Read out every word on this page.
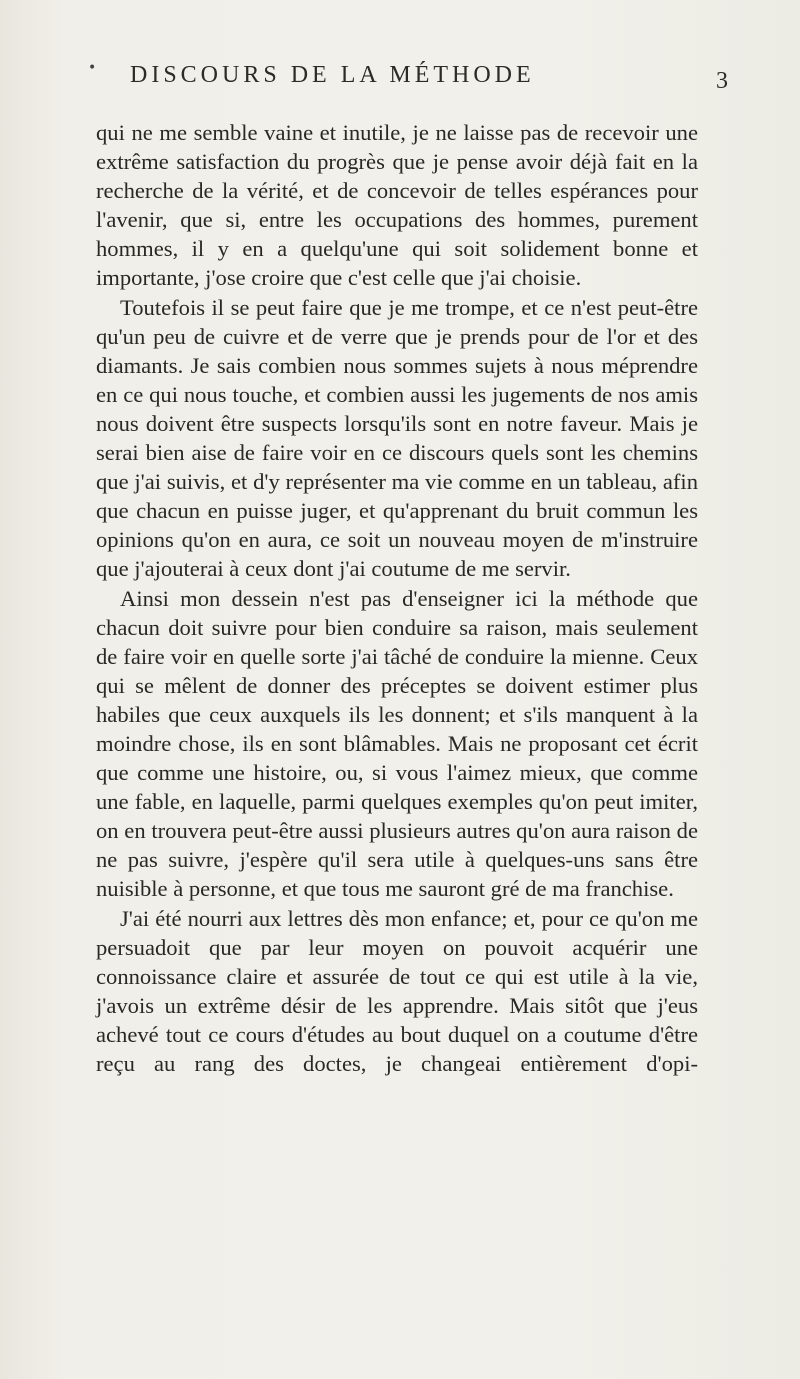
• DISCOURS DE LA MÉTHODE	3

qui ne me semble vaine et inutile, je ne laisse pas de recevoir une extrême satisfaction du progrès que je pense avoir déjà fait en la recherche de la vérité, et de concevoir de telles espérances pour l'avenir, que si, entre les occupations des hommes, purement hommes, il y en a quelqu'une qui soit solidement bonne et importante, j'ose croire que c'est celle que j'ai choisie.

Toutefois il se peut faire que je me trompe, et ce n'est peut-être qu'un peu de cuivre et de verre que je prends pour de l'or et des diamants. Je sais combien nous sommes sujets à nous méprendre en ce qui nous touche, et combien aussi les jugements de nos amis nous doivent être suspects lorsqu'ils sont en notre faveur. Mais je serai bien aise de faire voir en ce discours quels sont les chemins que j'ai suivis, et d'y représenter ma vie comme en un tableau, afin que chacun en puisse juger, et qu'apprenant du bruit commun les opinions qu'on en aura, ce soit un nouveau moyen de m'instruire que j'ajouterai à ceux dont j'ai coutume de me servir.

Ainsi mon dessein n'est pas d'enseigner ici la méthode que chacun doit suivre pour bien conduire sa raison, mais seulement de faire voir en quelle sorte j'ai tâché de conduire la mienne. Ceux qui se mêlent de donner des préceptes se doivent estimer plus habiles que ceux auxquels ils les donnent; et s'ils manquent à la moindre chose, ils en sont blâmables. Mais ne proposant cet écrit que comme une histoire, ou, si vous l'aimez mieux, que comme une fable, en laquelle, parmi quelques exemples qu'on peut imiter, on en trouvera peut-être aussi plusieurs autres qu'on aura raison de ne pas suivre, j'espère qu'il sera utile à quelques-uns sans être nuisible à personne, et que tous me sauront gré de ma franchise.

J'ai été nourri aux lettres dès mon enfance; et, pour ce qu'on me persuadoit que par leur moyen on pouvoit acquérir une connoissance claire et assurée de tout ce qui est utile à la vie, j'avois un extrême désir de les apprendre. Mais sitôt que j'eus achevé tout ce cours d'études au bout duquel on a coutume d'être reçu au rang des doctes, je changeai entièrement d'opi-
